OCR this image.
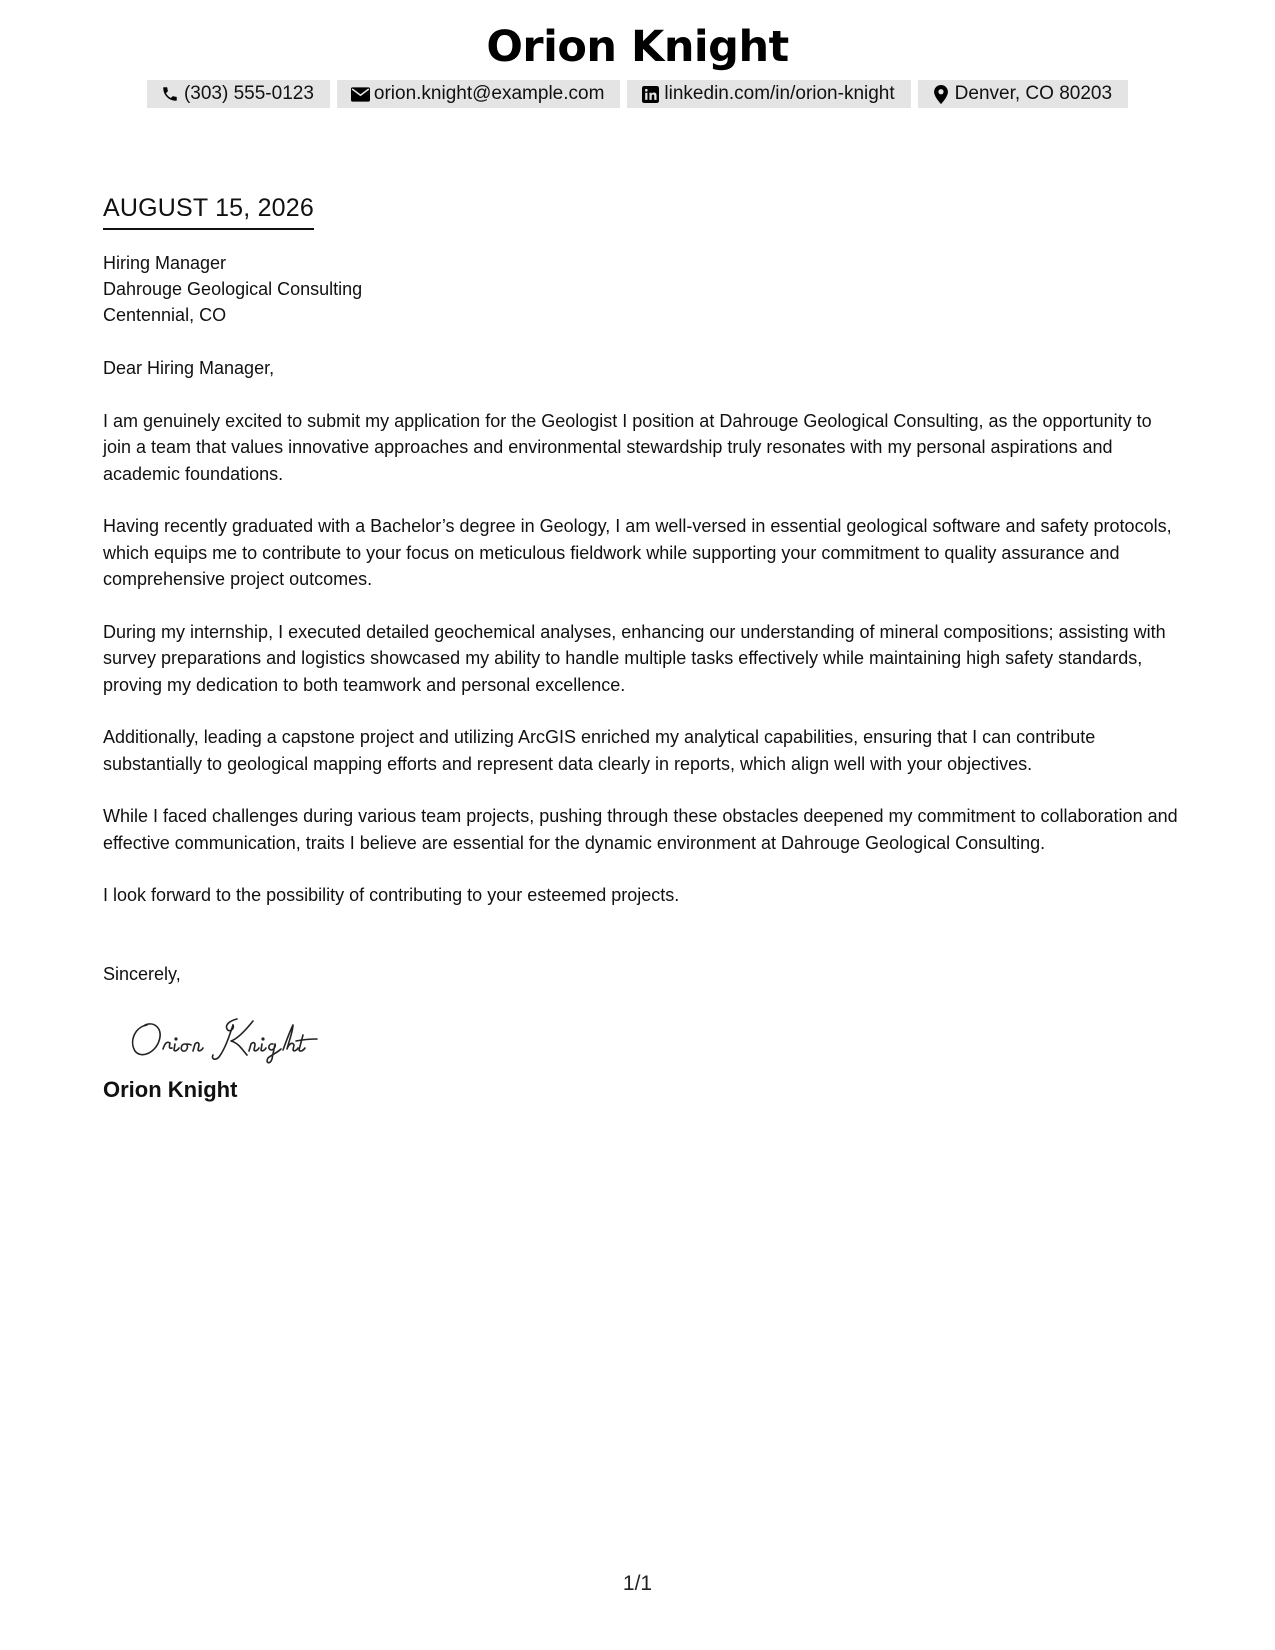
Orion Knight
(303) 555-0123	orion.knight@example.com	linkedin.com/in/orion-knight	Denver, CO 80203
AUGUST 15, 2026
Hiring Manager
Dahrouge Geological Consulting
Centennial, CO
Dear Hiring Manager,

I am genuinely excited to submit my application for the Geologist I position at Dahrouge Geological Consulting, as the opportunity to join a team that values innovative approaches and environmental stewardship truly resonates with my personal aspirations and academic foundations.

Having recently graduated with a Bachelor’s degree in Geology, I am well-versed in essential geological software and safety protocols, which equips me to contribute to your focus on meticulous fieldwork while supporting your commitment to quality assurance and comprehensive project outcomes.

During my internship, I executed detailed geochemical analyses, enhancing our understanding of mineral compositions; assisting with survey preparations and logistics showcased my ability to handle multiple tasks effectively while maintaining high safety standards, proving my dedication to both teamwork and personal excellence.

Additionally, leading a capstone project and utilizing ArcGIS enriched my analytical capabilities, ensuring that I can contribute substantially to geological mapping efforts and represent data clearly in reports, which align well with your objectives.

While I faced challenges during various team projects, pushing through these obstacles deepened my commitment to collaboration and effective communication, traits I believe are essential for the dynamic environment at Dahrouge Geological Consulting.

I look forward to the possibility of contributing to your esteemed projects.

Sincerely,
Orion Knight
1/1
